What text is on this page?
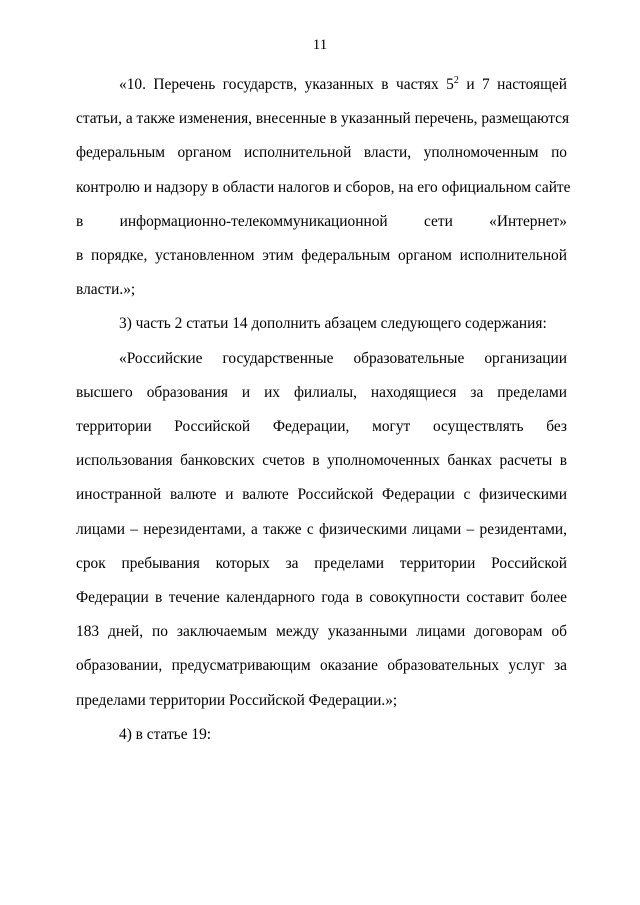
11
«10. Перечень государств, указанных в частях $5^2$ и 7 настоящей
статьи, а также изменения, внесенные в указанный перечень, размещаются
федеральным органом исполнительной власти, уполномоченным по
контролю и надзору в области налогов и сборов, на его официальном сайте
в информационно-телекоммуникационной сети «Интернет»
в порядке, установленном этим федеральным органом исполнительной
власти.»;
3) часть 2 статьи 14 дополнить абзацем следующего содержания:
«Российские государственные образовательные организации
высшего образования и их филиалы, находящиеся за пределами
территории Российской Федерации, могут осуществлять без
использования банковских счетов в уполномоченных банках расчеты в
иностранной валюте и валюте Российской Федерации с физическими
лицами – нерезидентами, а также с физическими лицами – резидентами,
срок пребывания которых за пределами территории Российской
Федерации в течение календарного года в совокупности составит более
183 дней, по заключаемым между указанными лицами договорам об
образовании, предусматривающим оказание образовательных услуг за
пределами территории Российской Федерации.»;
4) в статье 19:
